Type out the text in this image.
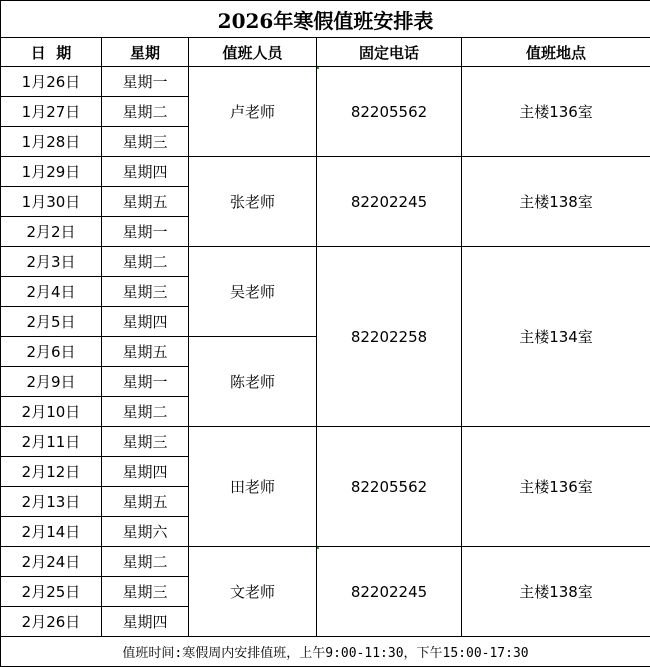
2026年寒假值班安排表				
日  期	星期	值班人员	固定电话	值班地点
1月26日	星期一	卢老师	82205562	主楼136室
1月27日	星期二			
1月28日	星期三			
1月29日	星期四	张老师	82202245	主楼138室
1月30日	星期五			
2月2日	星期一			
2月3日	星期二	吴老师	82202258	主楼134室
2月4日	星期三			
2月5日	星期四			
2月6日	星期五	陈老师		
2月9日	星期一			
2月10日	星期二			
2月11日	星期三	田老师	82205562	主楼136室
2月12日	星期四			
2月13日	星期五			
2月14日	星期六			
2月24日	星期二	文老师	82202245	主楼138室
2月25日	星期三			
2月26日	星期四			
值班时间:寒假周内安排值班，上午9:00-11:30，下午15:00-17:30				
